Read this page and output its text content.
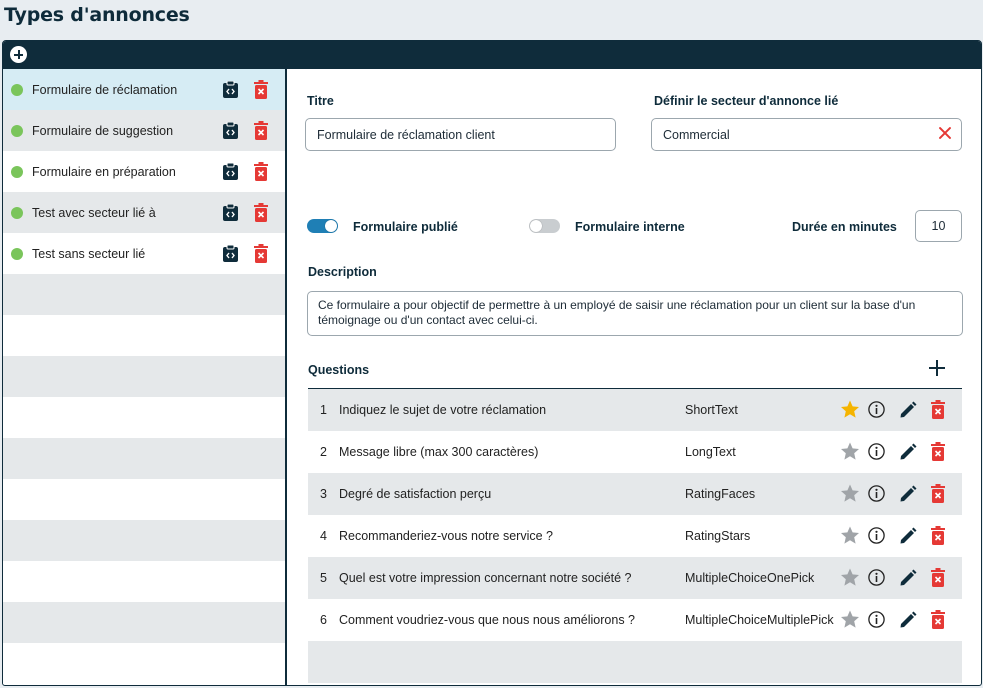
Types d'annonces
Formulaire de réclamation
Formulaire de suggestion
Formulaire en préparation
Test avec secteur lié à
Test sans secteur lié
Titre
Formulaire de réclamation client
Définir le secteur d'annonce lié
Commercial
Formulaire publié	Formulaire interne	Durée en minutes	10
Description
Ce formulaire a pour objectif de permettre à un employé de saisir une réclamation pour un client sur la base d'un témoignage ou d'un contact avec celui-ci.
Questions
1 Indiquez le sujet de votre réclamation	ShortText
2 Message libre (max 300 caractères)	LongText
3 Degré de satisfaction perçu	RatingFaces
4 Recommanderiez-vous notre service ?	RatingStars
5 Quel est votre impression concernant notre société ?	MultipleChoiceOnePick
6 Comment voudriez-vous que nous nous améliorons ?	MultipleChoiceMultiplePick
